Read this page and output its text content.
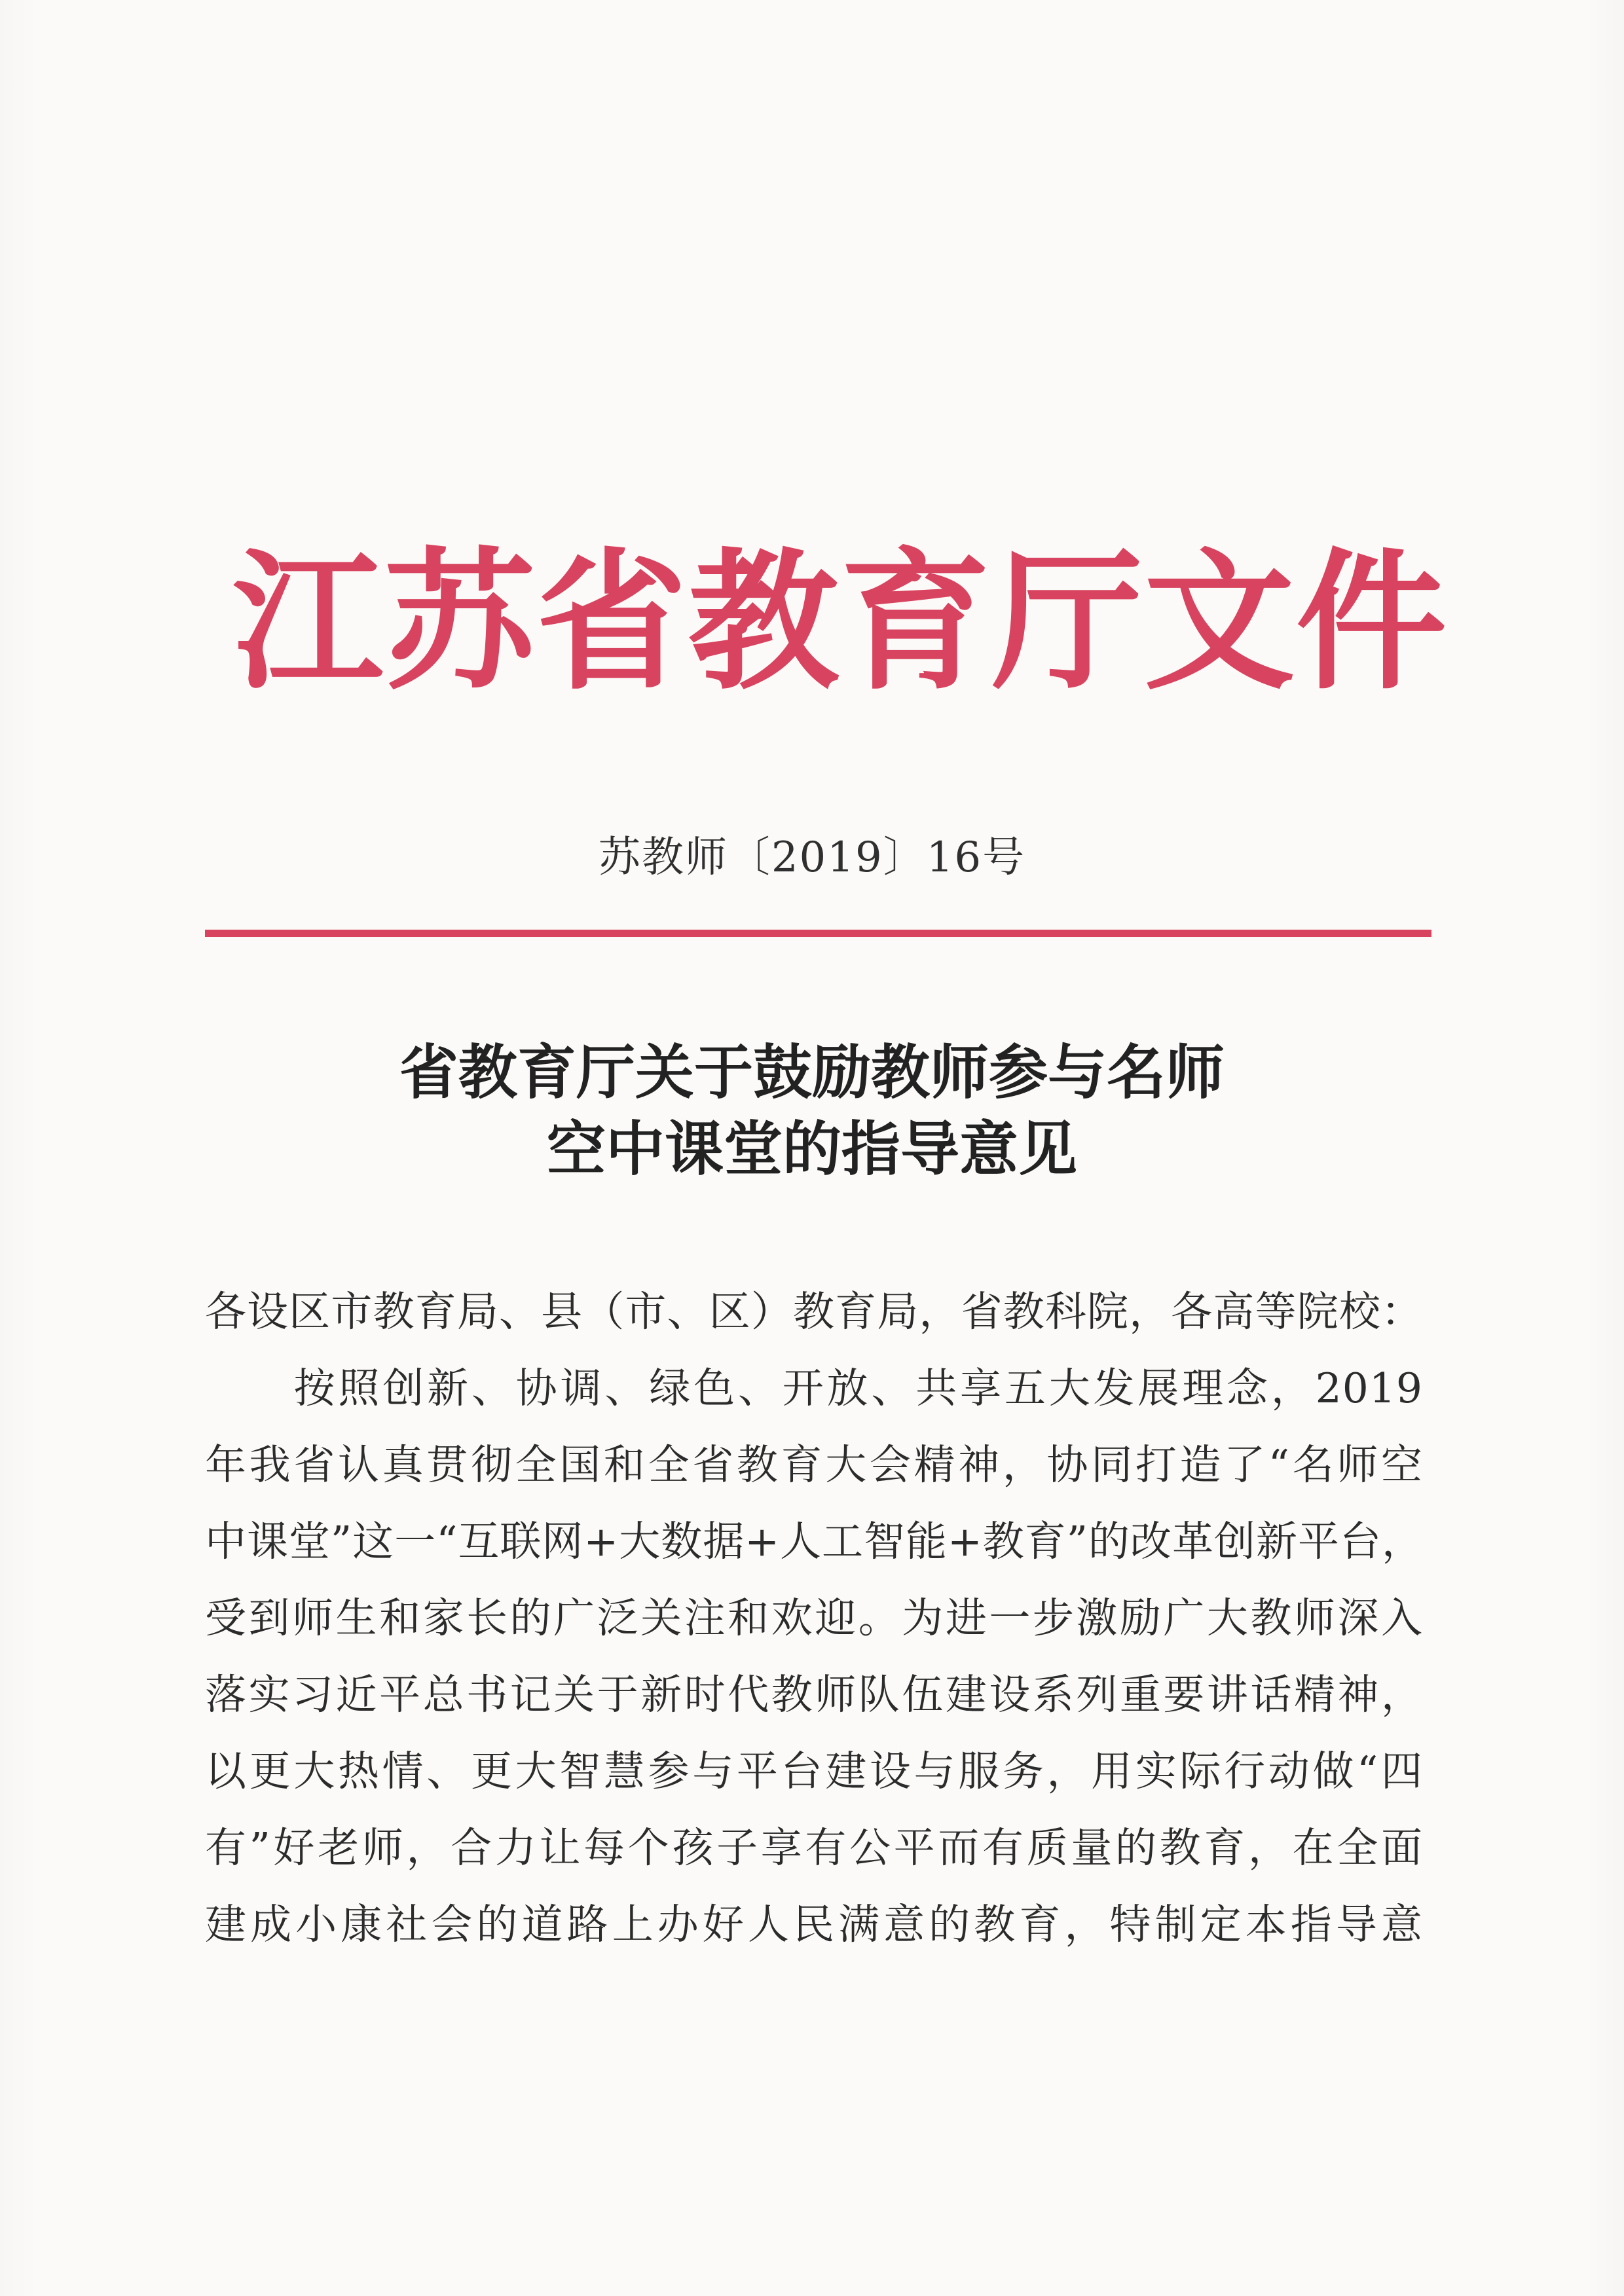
江苏省教育厅文件
苏教师〔2019〕16号
省教育厅关于鼓励教师参与名师
空中课堂的指导意见
各设区市教育局、县（市、区）教育局，省教科院，各高等院校：
　　按照创新、协调、绿色、开放、共享五大发展理念，2019
年我省认真贯彻全国和全省教育大会精神，协同打造了“名师空
中课堂”这一“互联网+大数据+人工智能+教育”的改革创新平台，
受到师生和家长的广泛关注和欢迎。为进一步激励广大教师深入
落实习近平总书记关于新时代教师队伍建设系列重要讲话精神，
以更大热情、更大智慧参与平台建设与服务，用实际行动做“四
有”好老师，合力让每个孩子享有公平而有质量的教育，在全面
建成小康社会的道路上办好人民满意的教育，特制定本指导意
